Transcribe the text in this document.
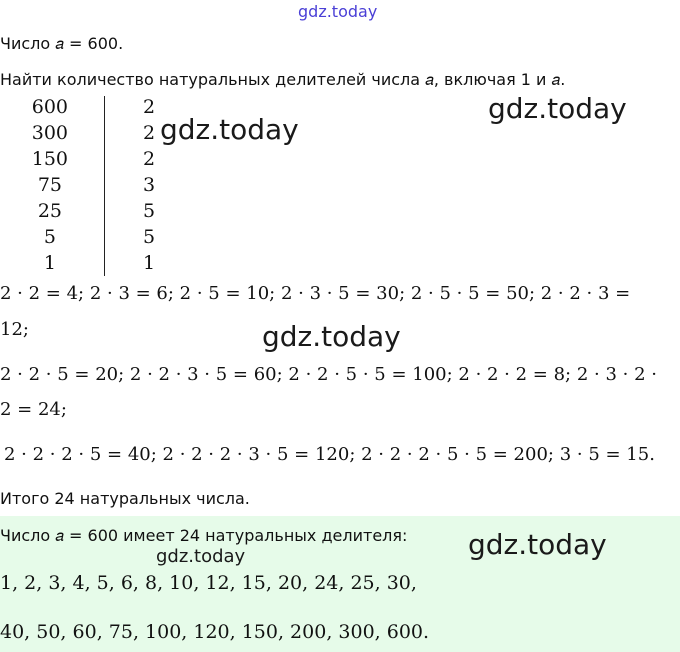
gdz.today
Число 𝑎 = 600.
Найти количество натуральных делителей числа 𝑎, включая 1 и 𝑎.
600
300
150
75
25
5
1
2
2
2
3
5
5
1
gdz.today
gdz.today
2 · 2 = 4; 2 · 3 = 6; 2 · 5 = 10; 2 · 3 · 5 = 30; 2 · 5 · 5 = 50; 2 · 2 · 3 =
12;	gdz.today
2 · 2 · 5 = 20; 2 · 2 · 3 · 5 = 60; 2 · 2 · 5 · 5 = 100; 2 · 2 · 2 = 8; 2 · 3 · 2 ·
2 = 24;
2 · 2 · 2 · 5 = 40; 2 · 2 · 2 · 3 · 5 = 120; 2 · 2 · 2 · 5 · 5 = 200; 3 · 5 = 15.
Итого 24 натуральных числа.
Число 𝑎 = 600 имеет 24 натуральных делителя:
gdz.today	gdz.today
1, 2, 3, 4, 5, 6, 8, 10, 12, 15, 20, 24, 25, 30,
40, 50, 60, 75, 100, 120, 150, 200, 300, 600.
